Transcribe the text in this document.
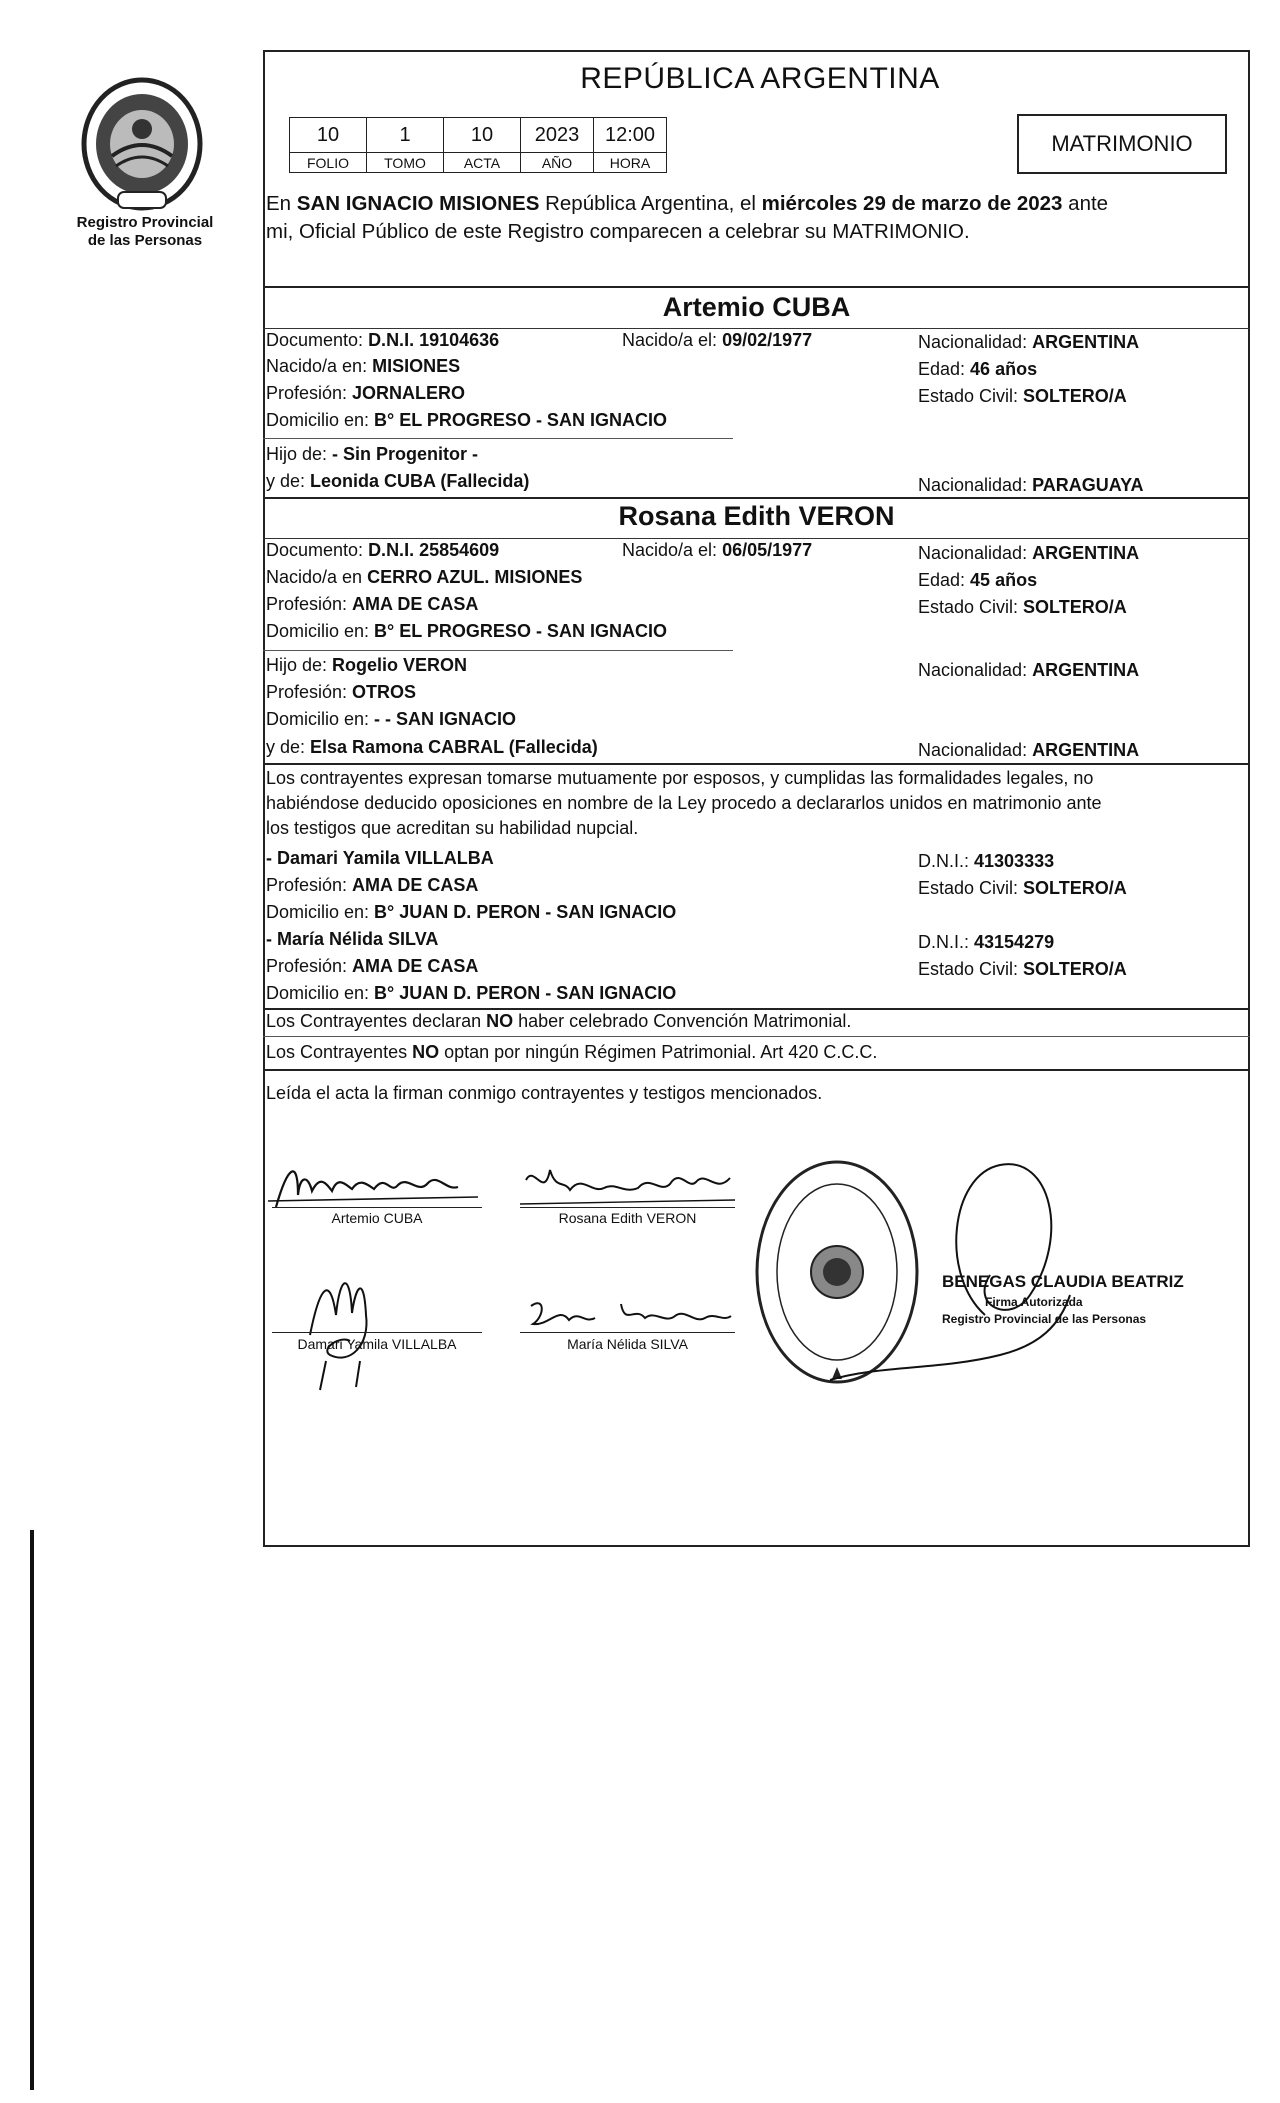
Registro Provincial
de las Personas
REPÚBLICA ARGENTINA
10	1	10	2023	12:00
FOLIO	TOMO	ACTA	AÑO	HORA
MATRIMONIO
En SAN IGNACIO MISIONES República Argentina, el miércoles 29 de marzo de 2023 ante
mi, Oficial Público de este Registro comparecen a celebrar su MATRIMONIO.
Artemio CUBA
Documento: D.N.I. 19104636	Nacido/a el: 09/02/1977	Nacionalidad: ARGENTINA
Nacido/a en: MISIONES	Edad: 46 años
Profesión: JORNALERO	Estado Civil: SOLTERO/A
Domicilio en: B° EL PROGRESO - SAN IGNACIO
Hijo de: - Sin Progenitor -
y de: Leonida CUBA (Fallecida)	Nacionalidad: PARAGUAYA
Rosana Edith VERON
Documento: D.N.I. 25854609	Nacido/a el: 06/05/1977	Nacionalidad: ARGENTINA
Nacido/a en CERRO AZUL. MISIONES	Edad: 45 años
Profesión: AMA DE CASA	Estado Civil: SOLTERO/A
Domicilio en: B° EL PROGRESO - SAN IGNACIO
Hijo de: Rogelio VERON	Nacionalidad: ARGENTINA
Profesión: OTROS
Domicilio en: - - SAN IGNACIO
y de: Elsa Ramona CABRAL (Fallecida)	Nacionalidad: ARGENTINA
Los contrayentes expresan tomarse mutuamente por esposos, y cumplidas las formalidades legales, no
habiéndose deducido oposiciones en nombre de la Ley procedo a declararlos unidos en matrimonio ante
los testigos que acreditan su habilidad nupcial.
- Damari Yamila VILLALBA	D.N.I.: 41303333
Profesión: AMA DE CASA	Estado Civil: SOLTERO/A
Domicilio en: B° JUAN D. PERON - SAN IGNACIO
- María Nélida SILVA	D.N.I.: 43154279
Profesión: AMA DE CASA	Estado Civil: SOLTERO/A
Domicilio en: B° JUAN D. PERON - SAN IGNACIO
Los Contrayentes declaran NO haber celebrado Convención Matrimonial.
Los Contrayentes NO optan por ningún Régimen Patrimonial. Art 420 C.C.C.
Leída el acta la firman conmigo contrayentes y testigos mencionados.
Artemio CUBA	Rosana Edith VERON
Damari Yamila VILLALBA	María Nélida SILVA
BENEGAS CLAUDIA BEATRIZ
Firma Autorizada
Registro Provincial de las Personas
